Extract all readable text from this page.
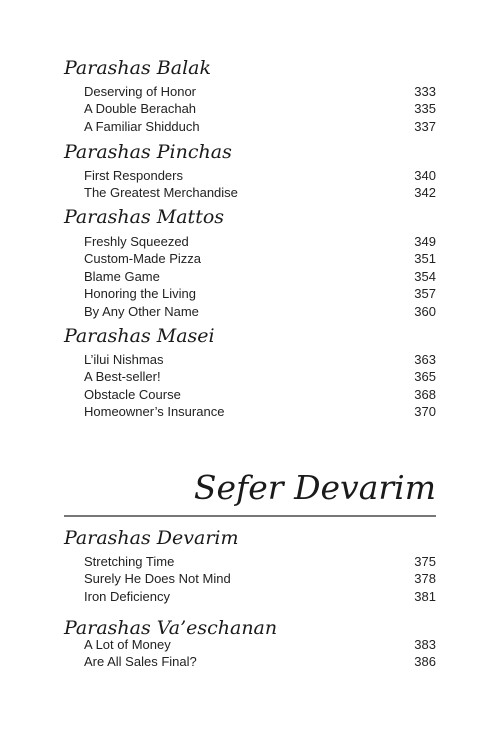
Parashas Balak
Deserving of Honor	333
A Double Berachah	335
A Familiar Shidduch	337
Parashas Pinchas
First Responders	340
The Greatest Merchandise	342
Parashas Mattos
Freshly Squeezed	349
Custom-Made Pizza	351
Blame Game	354
Honoring the Living	357
By Any Other Name	360
Parashas Masei
L’ilui Nishmas	363
A Best-seller!	365
Obstacle Course	368
Homeowner’s Insurance	370
Sefer Devarim
Parashas Devarim
Stretching Time	375
Surely He Does Not Mind	378
Iron Deficiency	381
Parashas Va’eschanan
A Lot of Money	383
Are All Sales Final?	386
